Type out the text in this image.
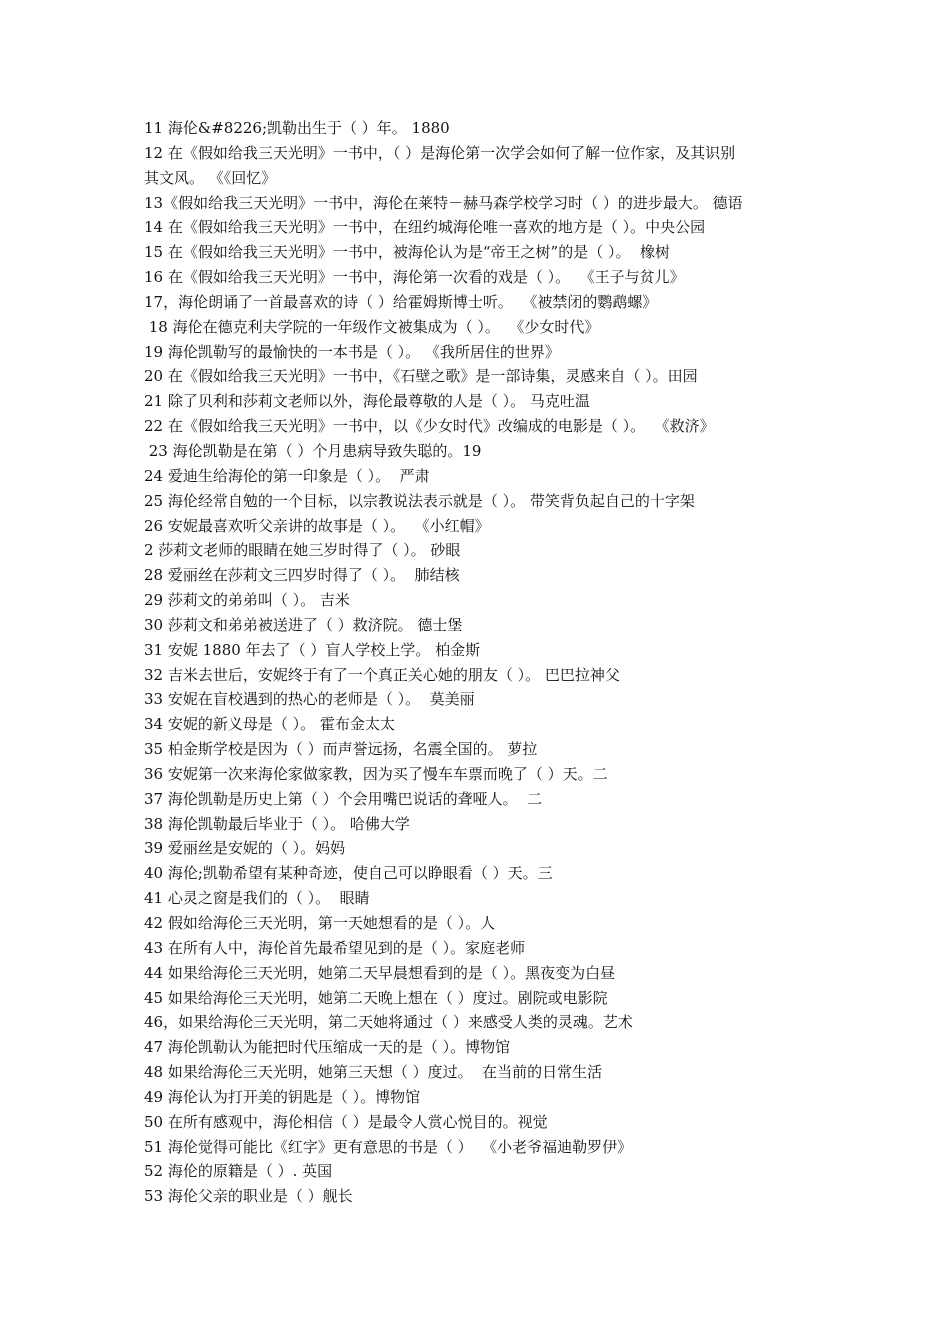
11 海伦&#8226;凯勒出生于（ ）年。 1880
12 在《假如给我三天光明》一书中，（ ）是海伦第一次学会如何了解一位作家，及其识别
其文风。 《《回忆》
13《假如给我三天光明》一书中，海伦在莱特－赫马森学校学习时（ ）的进步最大。 德语
14 在《假如给我三天光明》一书中，在纽约城海伦唯一喜欢的地方是（ ）。中央公园
15 在《假如给我三天光明》一书中，被海伦认为是“帝王之树”的是（ ）。  橡树
16 在《假如给我三天光明》一书中，海伦第一次看的戏是（ ）。  《王子与贫儿》
17，海伦朗诵了一首最喜欢的诗（ ）给霍姆斯博士听。  《被禁闭的鹦鹉螺》
18 海伦在德克利夫学院的一年级作文被集成为（ ）。  《少女时代》
19 海伦凯勒写的最愉快的一本书是（ ）。 《我所居住的世界》
20 在《假如给我三天光明》一书中，《石壁之歌》是一部诗集，灵感来自（ ）。田园
21 除了贝利和莎莉文老师以外，海伦最尊敬的人是（ ）。 马克吐温
22 在《假如给我三天光明》一书中，以《少女时代》改编成的电影是（ ）。  《救济》
23 海伦凯勒是在第（ ）个月患病导致失聪的。19
24 爱迪生给海伦的第一印象是（ ）。  严肃
25 海伦经常自勉的一个目标，以宗教说法表示就是（ ）。 带笑背负起自己的十字架
26 安妮最喜欢听父亲讲的故事是（ ）。  《小红帽》
2 莎莉文老师的眼睛在她三岁时得了（ ）。 砂眼
28 爱丽丝在莎莉文三四岁时得了（ ）。  肺结核
29 莎莉文的弟弟叫（ ）。 吉米
30 莎莉文和弟弟被送进了（ ）救济院。 德士堡
31 安妮 1880 年去了（ ）盲人学校上学。 柏金斯
32 吉米去世后，安妮终于有了一个真正关心她的朋友（ ）。 巴巴拉神父
33 安妮在盲校遇到的热心的老师是（ ）。  莫美丽
34 安妮的新义母是（ ）。 霍布金太太
35 柏金斯学校是因为（ ）而声誉远扬，名震全国的。 萝拉
36 安妮第一次来海伦家做家教，因为买了慢车车票而晚了（ ）天。二
37 海伦凯勒是历史上第（ ）个会用嘴巴说话的聋哑人。  二
38 海伦凯勒最后毕业于（ ）。 哈佛大学
39 爱丽丝是安妮的（ ）。妈妈
40 海伦;凯勒希望有某种奇迹，使自己可以睁眼看（ ）天。三
41 心灵之窗是我们的（ ）。  眼睛
42 假如给海伦三天光明，第一天她想看的是（ ）。人
43 在所有人中，海伦首先最希望见到的是（ ）。家庭老师
44 如果给海伦三天光明，她第二天早晨想看到的是（ ）。黑夜变为白昼
45 如果给海伦三天光明，她第二天晚上想在（ ）度过。剧院或电影院
46，如果给海伦三天光明，第二天她将通过（ ）来感受人类的灵魂。艺术
47 海伦凯勒认为能把时代压缩成一天的是（ ）。博物馆
48 如果给海伦三天光明，她第三天想（ ）度过。  在当前的日常生活
49 海伦认为打开美的钥匙是（ ）。博物馆
50 在所有感观中，海伦相信（ ）是最令人赏心悦目的。视觉
51 海伦觉得可能比《红字》更有意思的书是（ ）  《小老爷福迪勒罗伊》
52 海伦的原籍是（ ）. 英国
53 海伦父亲的职业是（ ）舰长
